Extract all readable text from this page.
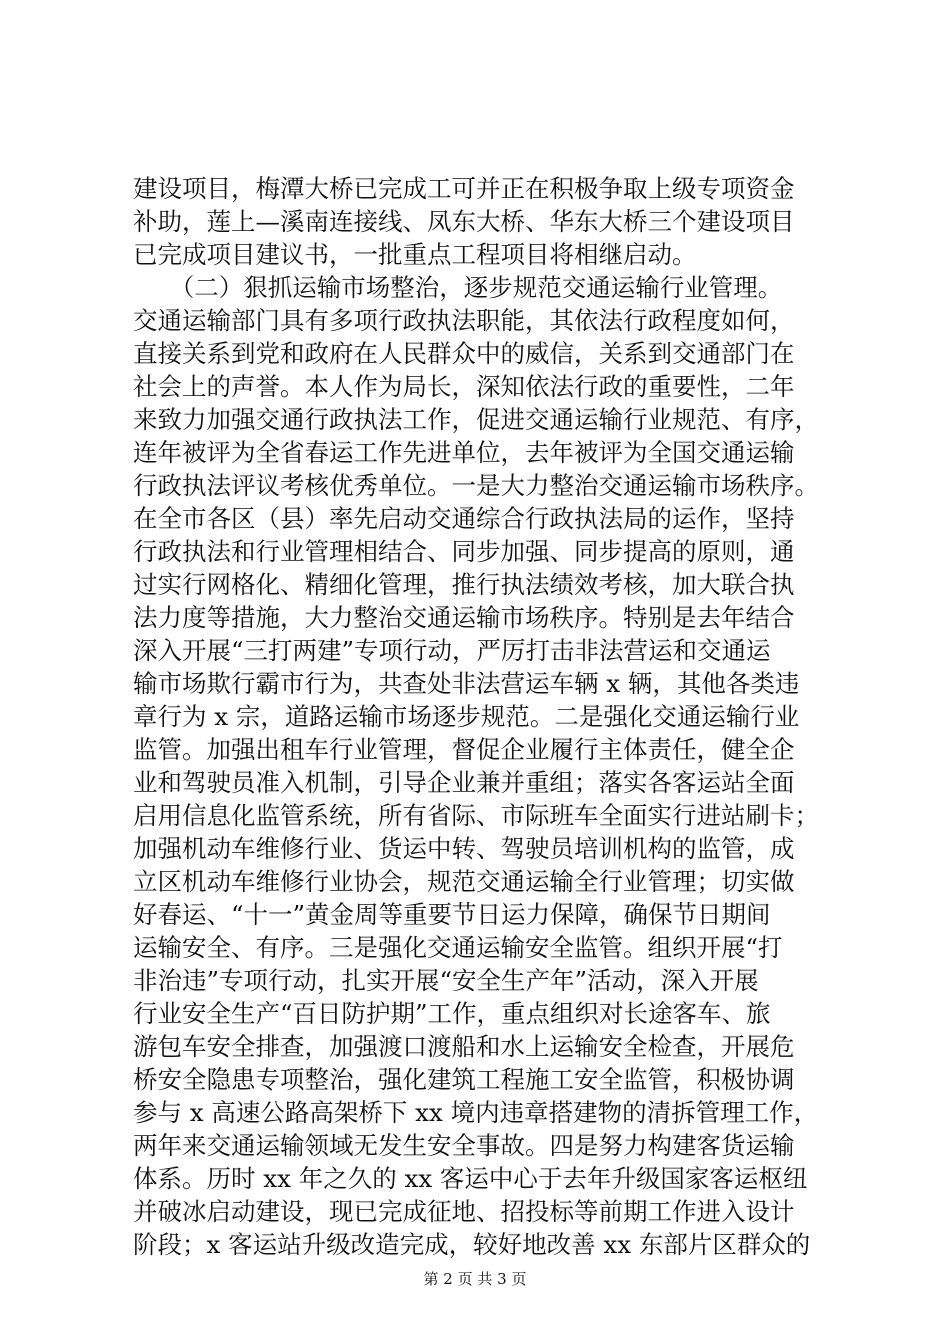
建设项目，梅潭大桥已完成工可并正在积极争取上级专项资金
补助，莲上—溪南连接线、凤东大桥、华东大桥三个建设项目
已完成项目建议书，一批重点工程项目将相继启动。
　　（二）狠抓运输市场整治，逐步规范交通运输行业管理。
交通运输部门具有多项行政执法职能，其依法行政程度如何，
直接关系到党和政府在人民群众中的威信，关系到交通部门在
社会上的声誉。本人作为局长，深知依法行政的重要性，二年
来致力加强交通行政执法工作，促进交通运输行业规范、有序，
连年被评为全省春运工作先进单位，去年被评为全国交通运输
行政执法评议考核优秀单位。一是大力整治交通运输市场秩序。
在全市各区（县）率先启动交通综合行政执法局的运作，坚持
行政执法和行业管理相结合、同步加强、同步提高的原则，通
过实行网格化、精细化管理，推行执法绩效考核，加大联合执
法力度等措施，大力整治交通运输市场秩序。特别是去年结合
深入开展“三打两建”专项行动，严厉打击非法营运和交通运
输市场欺行霸市行为，共查处非法营运车辆 x 辆，其他各类违
章行为 x 宗，道路运输市场逐步规范。二是强化交通运输行业
监管。加强出租车行业管理，督促企业履行主体责任，健全企
业和驾驶员准入机制，引导企业兼并重组；落实各客运站全面
启用信息化监管系统，所有省际、市际班车全面实行进站刷卡；
加强机动车维修行业、货运中转、驾驶员培训机构的监管，成
立区机动车维修行业协会，规范交通运输全行业管理；切实做
好春运、“十一”黄金周等重要节日运力保障，确保节日期间
运输安全、有序。三是强化交通运输安全监管。组织开展“打
非治违”专项行动，扎实开展“安全生产年”活动，深入开展
行业安全生产“百日防护期”工作，重点组织对长途客车、旅
游包车安全排查，加强渡口渡船和水上运输安全检查，开展危
桥安全隐患专项整治，强化建筑工程施工安全监管，积极协调
参与 x 高速公路高架桥下 xx 境内违章搭建物的清拆管理工作，
两年来交通运输领域无发生安全事故。四是努力构建客货运输
体系。历时 xx 年之久的 xx 客运中心于去年升级国家客运枢纽
并破冰启动建设，现已完成征地、招投标等前期工作进入设计
阶段；x 客运站升级改造完成，较好地改善 xx 东部片区群众的
第 2 页 共 3 页
